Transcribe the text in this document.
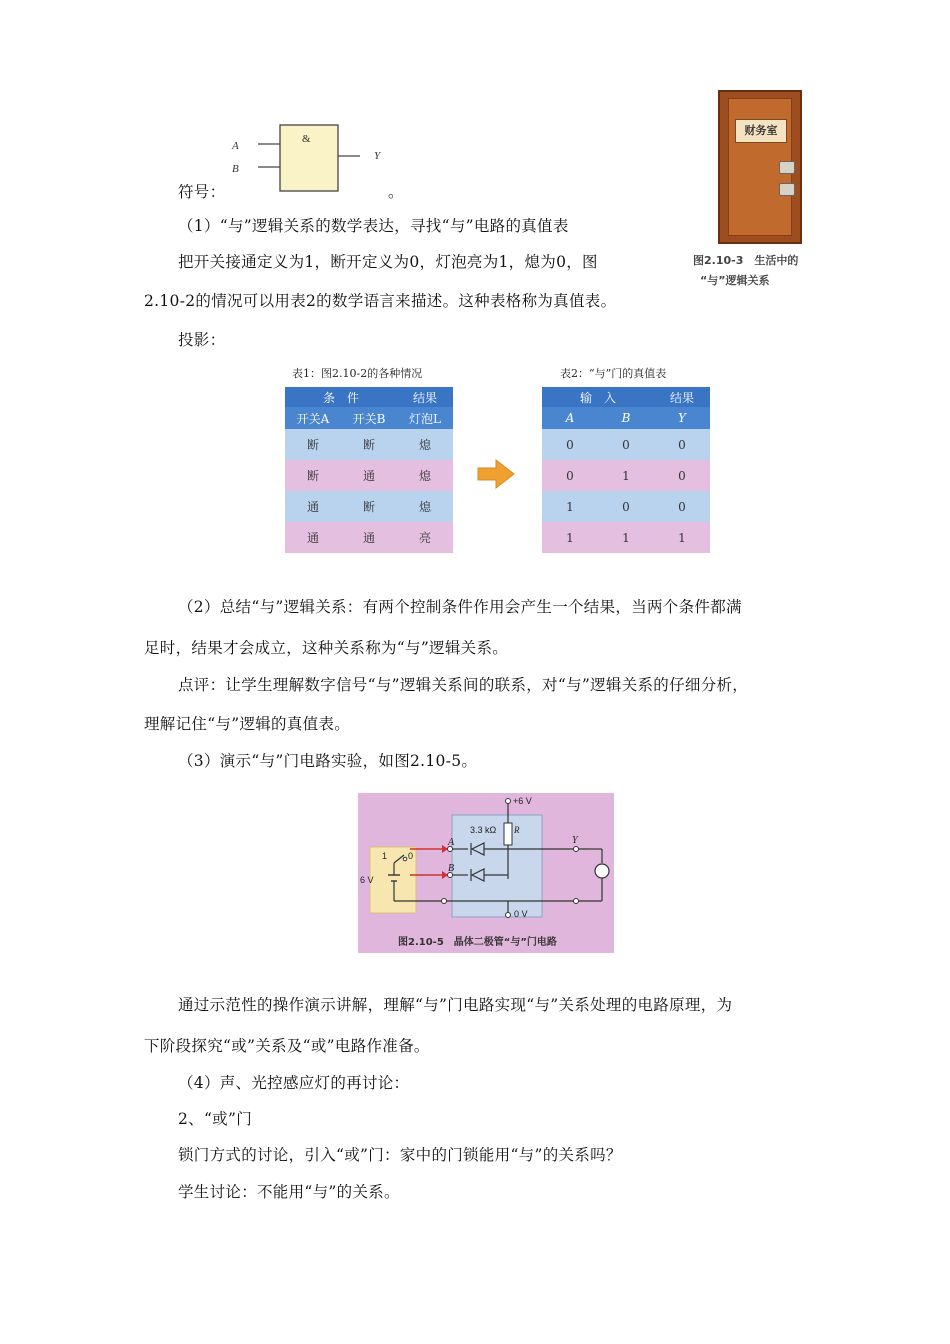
&
A
B
Y
符号：	。
财务室
图2.10-3　生活中的
“与”逻辑关系
（1）“与”逻辑关系的数学表达，寻找“与”电路的真值表
把开关接通定义为1，断开定义为0，灯泡亮为1，熄为0，图
2.10-2的情况可以用表2的数学语言来描述。这种表格称为真值表。
投影：
表1：图2.10-2的各种情况
条　件		结果
开关A	开关B	灯泡L
断	断	熄
断	通	熄
通	断	熄
通	通	亮
表2：“与”门的真值表
输　入		结果
A	B	Y
0	0	0
0	1	0
1	0	0
1	1	1
（2）总结“与”逻辑关系：有两个控制条件作用会产生一个结果，当两个条件都满
足时，结果才会成立，这种关系称为“与”逻辑关系。
点评：让学生理解数字信号“与”逻辑关系间的联系，对“与”逻辑关系的仔细分析，
理解记住“与”逻辑的真值表。
（3）演示“与”门电路实验，如图2.10-5。
A
B
Y
+6 V
3.3 kΩ R
6 V
1 0
0 V
图2.10-5　晶体二极管“与”门电路
通过示范性的操作演示讲解，理解“与”门电路实现“与”关系处理的电路原理，为
下阶段探究“或”关系及“或”电路作准备。
（4）声、光控感应灯的再讨论：
2、“或”门
锁门方式的讨论，引入“或”门：家中的门锁能用“与”的关系吗？
学生讨论：不能用“与”的关系。
